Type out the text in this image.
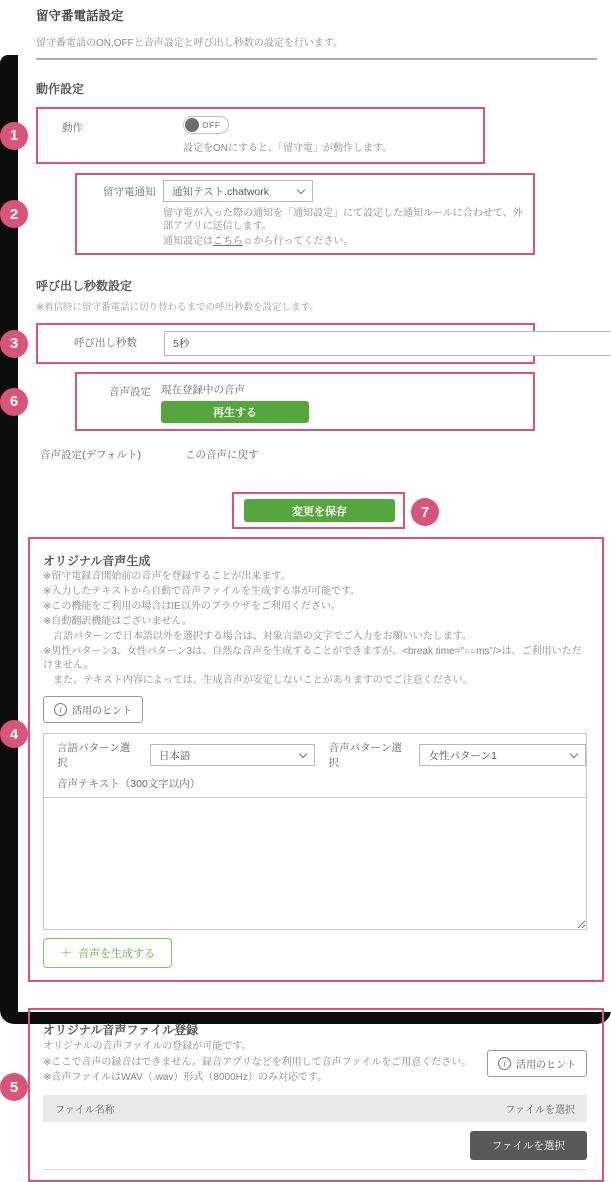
留守番電話設定
留守番電話のON,OFFと音声設定と呼び出し秒数の設定を行います。
動作設定
1	動作	OFF
設定をONにすると、「留守電」が動作します。
2
留守電通知	通知テスト.chatwork
留守電が入った際の通知を「通知設定」にて設定した通知ルールに合わせて、外部アプリに送信します。
通知設定はこちら ⧉ から行ってください。
呼び出し秒数設定
※着信時に留守番電話に切り替わるまでの呼出秒数を設定します。
3	呼び出し秒数	5秒
6
音声設定 現在登録中の音声
再生する
音声設定(デフォルト)	この音声に戻す
7
変更を保存
4
オリジナル音声生成
※留守電録音開始前の音声を登録することが出来ます。
※入力したテキストから自動で音声ファイルを生成する事が可能です。
※この機能をご利用の場合はIE以外のブラウザをご利用ください。
※自動翻訳機能はございません。
言語パターンで日本語以外を選択する場合は、対象言語の文字でご入力をお願いいたします。
※男性パターン3、女性パターン3は、自然な音声を生成することができますが、<break time="○○ms"/>は、ご利用いただけません。
また、テキスト内容によっては、生成音声が安定しないことがありますのでご注意ください。
i	活用のヒント
言語パターン選択
日本語
音声パターン選択
女性パターン1
音声テキスト（300文字以内）
＋ 音声を生成する
5
オリジナル音声ファイル登録
オリジナルの音声ファイルの登録が可能です。
※ここで音声の録音はできません。録音アプリなどを利用して音声ファイルをご用意ください。
※音声ファイルはWAV（.wav）形式（8000Hz）のみ対応です。
i	活用のヒント
ファイル名称	ファイルを選択
ファイルを選択
